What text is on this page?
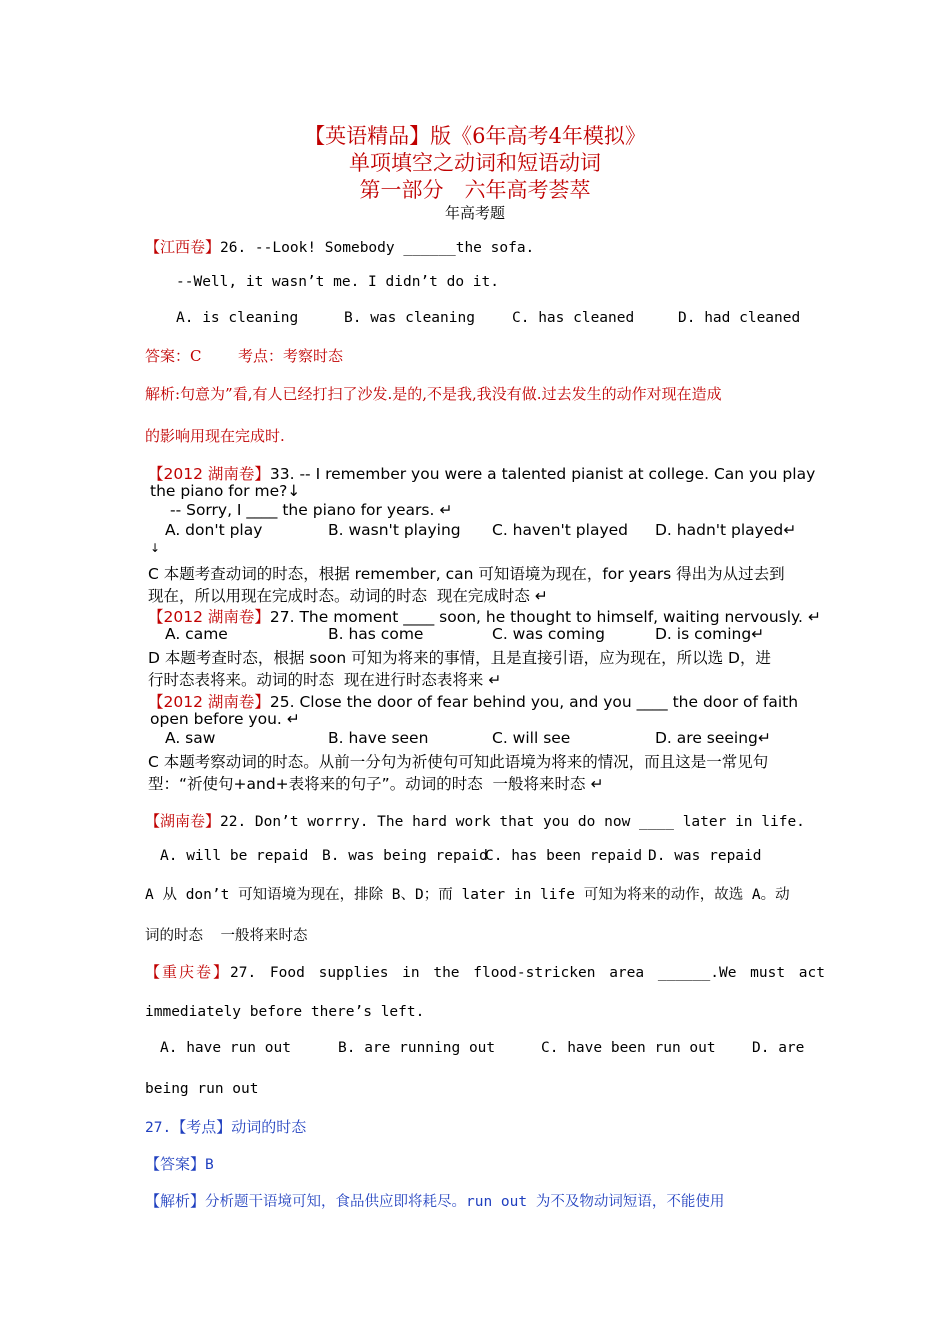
【英语精品】版《6年高考4年模拟》
单项填空之动词和短语动词
第一部分　六年高考荟萃
年高考题
【江西卷】26. --Look! Somebody ______the sofa.
--Well, it wasn’t me. I didn’t do it.
A. is cleaning	B. was cleaning	C. has cleaned	D. had cleaned
答案：C 考点：考察时态
解析:句意为”看,有人已经打扫了沙发.是的,不是我,我没有做.过去发生的动作对现在造成
的影响用现在完成时.
【2012 湖南卷】33. -- I remember you were a talented pianist at college. Can you play
the piano for me?↓
-- Sorry, I ____ the piano for years. ↵
A. don't play	B. wasn't playing C. haven't played D. hadn't played↵
↓
C 本题考查动词的时态，根据 remember, can 可知语境为现在，for years 得出为从过去到
现在，所以用现在完成时态。动词的时态  现在完成时态 ↵
【2012 湖南卷】27. The moment ____ soon, he thought to himself, waiting nervously. ↵
A. came	B. has come	C. was coming	D. is coming↵
D 本题考查时态，根据 soon 可知为将来的事情，且是直接引语，应为现在，所以选 D，进
行时态表将来。动词的时态  现在进行时态表将来 ↵
【2012 湖南卷】25. Close the door of fear behind you, and you ____ the door of faith
open before you. ↵
A. saw	B. have seen	C. will see	D. are seeing↵
C 本题考察动词的时态。从前一分句为祈使句可知此语境为将来的情况，而且这是一常见句
型：“祈使句+and+表将来的句子”。动词的时态  一般将来时态 ↵
【湖南卷】22. Don’t worrry. The hard work that you do now ____ later in life.
A. will be repaid B. was being repaid
C. has been repaid D. was repaid
A 从 don’t 可知语境为现在，排除 B、D；而 later in life 可知为将来的动作，故选 A。动
词的时态  一般将来时态
【重庆卷】27. Food supplies in the flood-stricken area ______.We must act
immediately before there’s left.
A. have run out	B. are running out	C. have been run out	D. are
being run out
27.【考点】动词的时态
【答案】B
【解析】分析题干语境可知，食品供应即将耗尽。run out 为不及物动词短语，不能使用
